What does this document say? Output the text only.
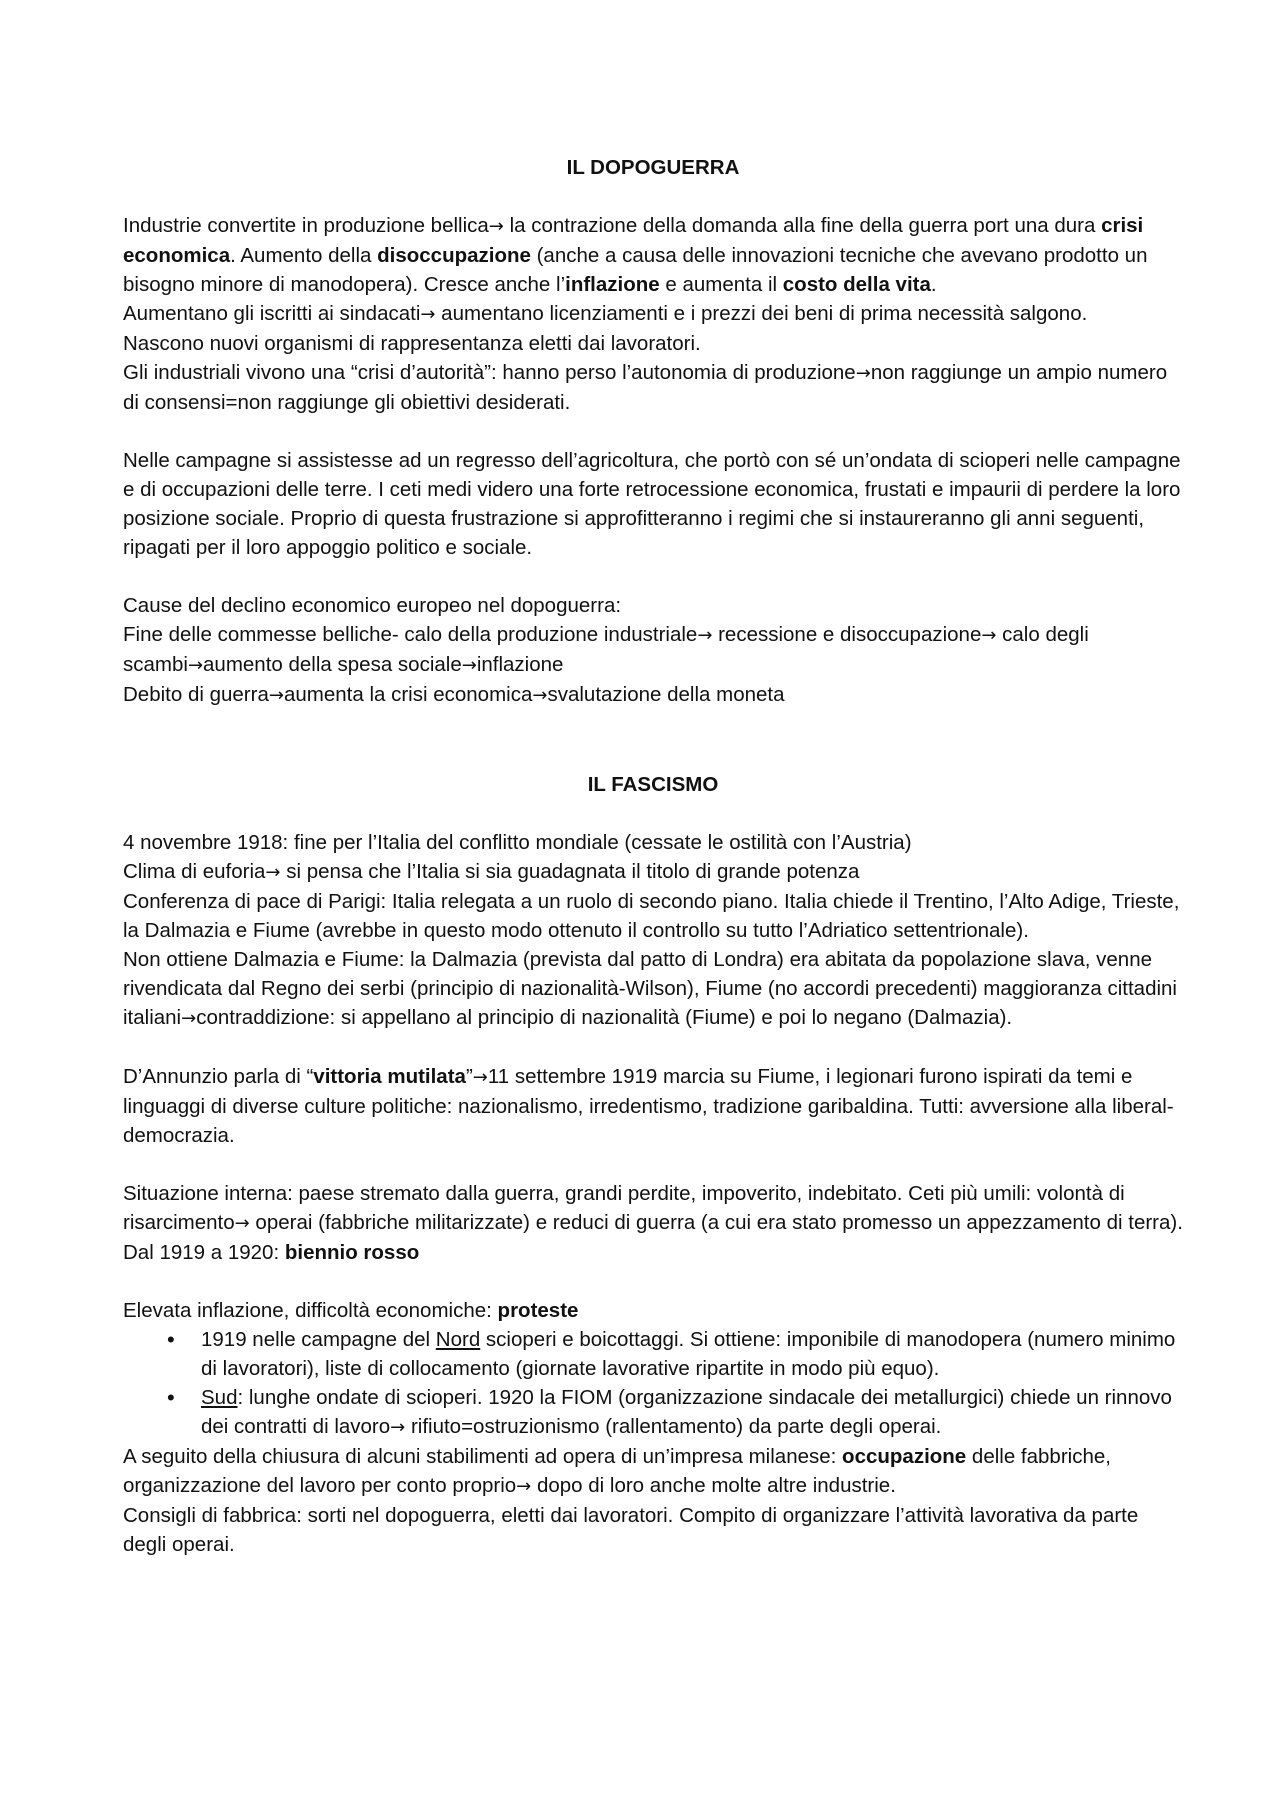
IL DOPOGUERRA

Industrie convertite in produzione bellica→ la contrazione della domanda alla fine della guerra port una dura crisi economica. Aumento della disoccupazione (anche a causa delle innovazioni tecniche che avevano prodotto un bisogno minore di manodopera). Cresce anche l’inflazione e aumenta il costo della vita.
Aumentano gli iscritti ai sindacati→ aumentano licenziamenti e i prezzi dei beni di prima necessità salgono.
Nascono nuovi organismi di rappresentanza eletti dai lavoratori.
Gli industriali vivono una “crisi d’autorità”: hanno perso l’autonomia di produzione→non raggiunge un ampio numero di consensi=non raggiunge gli obiettivi desiderati.

Nelle campagne si assistesse ad un regresso dell’agricoltura, che portò con sé un’ondata di scioperi nelle campagne e di occupazioni delle terre. I ceti medi videro una forte retrocessione economica, frustati e impaurii di perdere la loro posizione sociale. Proprio di questa frustrazione si approfitteranno i regimi che si instaureranno gli anni seguenti, ripagati per il loro appoggio politico e sociale.

Cause del declino economico europeo nel dopoguerra:
Fine delle commesse belliche- calo della produzione industriale→ recessione e disoccupazione→ calo degli scambi→aumento della spesa sociale→inflazione
Debito di guerra→aumenta la crisi economica→svalutazione della moneta

IL FASCISMO

4 novembre 1918: fine per l’Italia del conflitto mondiale (cessate le ostilità con l’Austria)
Clima di euforia→ si pensa che l’Italia si sia guadagnata il titolo di grande potenza
Conferenza di pace di Parigi: Italia relegata a un ruolo di secondo piano. Italia chiede il Trentino, l’Alto Adige, Trieste, la Dalmazia e Fiume (avrebbe in questo modo ottenuto il controllo su tutto l’Adriatico settentrionale).
Non ottiene Dalmazia e Fiume: la Dalmazia (prevista dal patto di Londra) era abitata da popolazione slava, venne rivendicata dal Regno dei serbi (principio di nazionalità-Wilson), Fiume (no accordi precedenti) maggioranza cittadini italiani→contraddizione: si appellano al principio di nazionalità (Fiume) e poi lo negano (Dalmazia).

D’Annunzio parla di “vittoria mutilata”→11 settembre 1919 marcia su Fiume, i legionari furono ispirati da temi e linguaggi di diverse culture politiche: nazionalismo, irredentismo, tradizione garibaldina. Tutti: avversione alla liberal-democrazia.

Situazione interna: paese stremato dalla guerra, grandi perdite, impoverito, indebitato. Ceti più umili: volontà di risarcimento→ operai (fabbriche militarizzate) e reduci di guerra (a cui era stato promesso un appezzamento di terra). Dal 1919 a 1920: biennio rosso

Elevata inflazione, difficoltà economiche: proteste

• 1919 nelle campagne del Nord scioperi e boicottaggi. Si ottiene: imponibile di manodopera (numero minimo di lavoratori), liste di collocamento (giornate lavorative ripartite in modo più equo).
• Sud: lunghe ondate di scioperi. 1920 la FIOM (organizzazione sindacale dei metallurgici) chiede un rinnovo dei contratti di lavoro→ rifiuto=ostruzionismo (rallentamento) da parte degli operai.

A seguito della chiusura di alcuni stabilimenti ad opera di un’impresa milanese: occupazione delle fabbriche, organizzazione del lavoro per conto proprio→ dopo di loro anche molte altre industrie.
Consigli di fabbrica: sorti nel dopoguerra, eletti dai lavoratori. Compito di organizzare l’attività lavorativa da parte degli operai.
